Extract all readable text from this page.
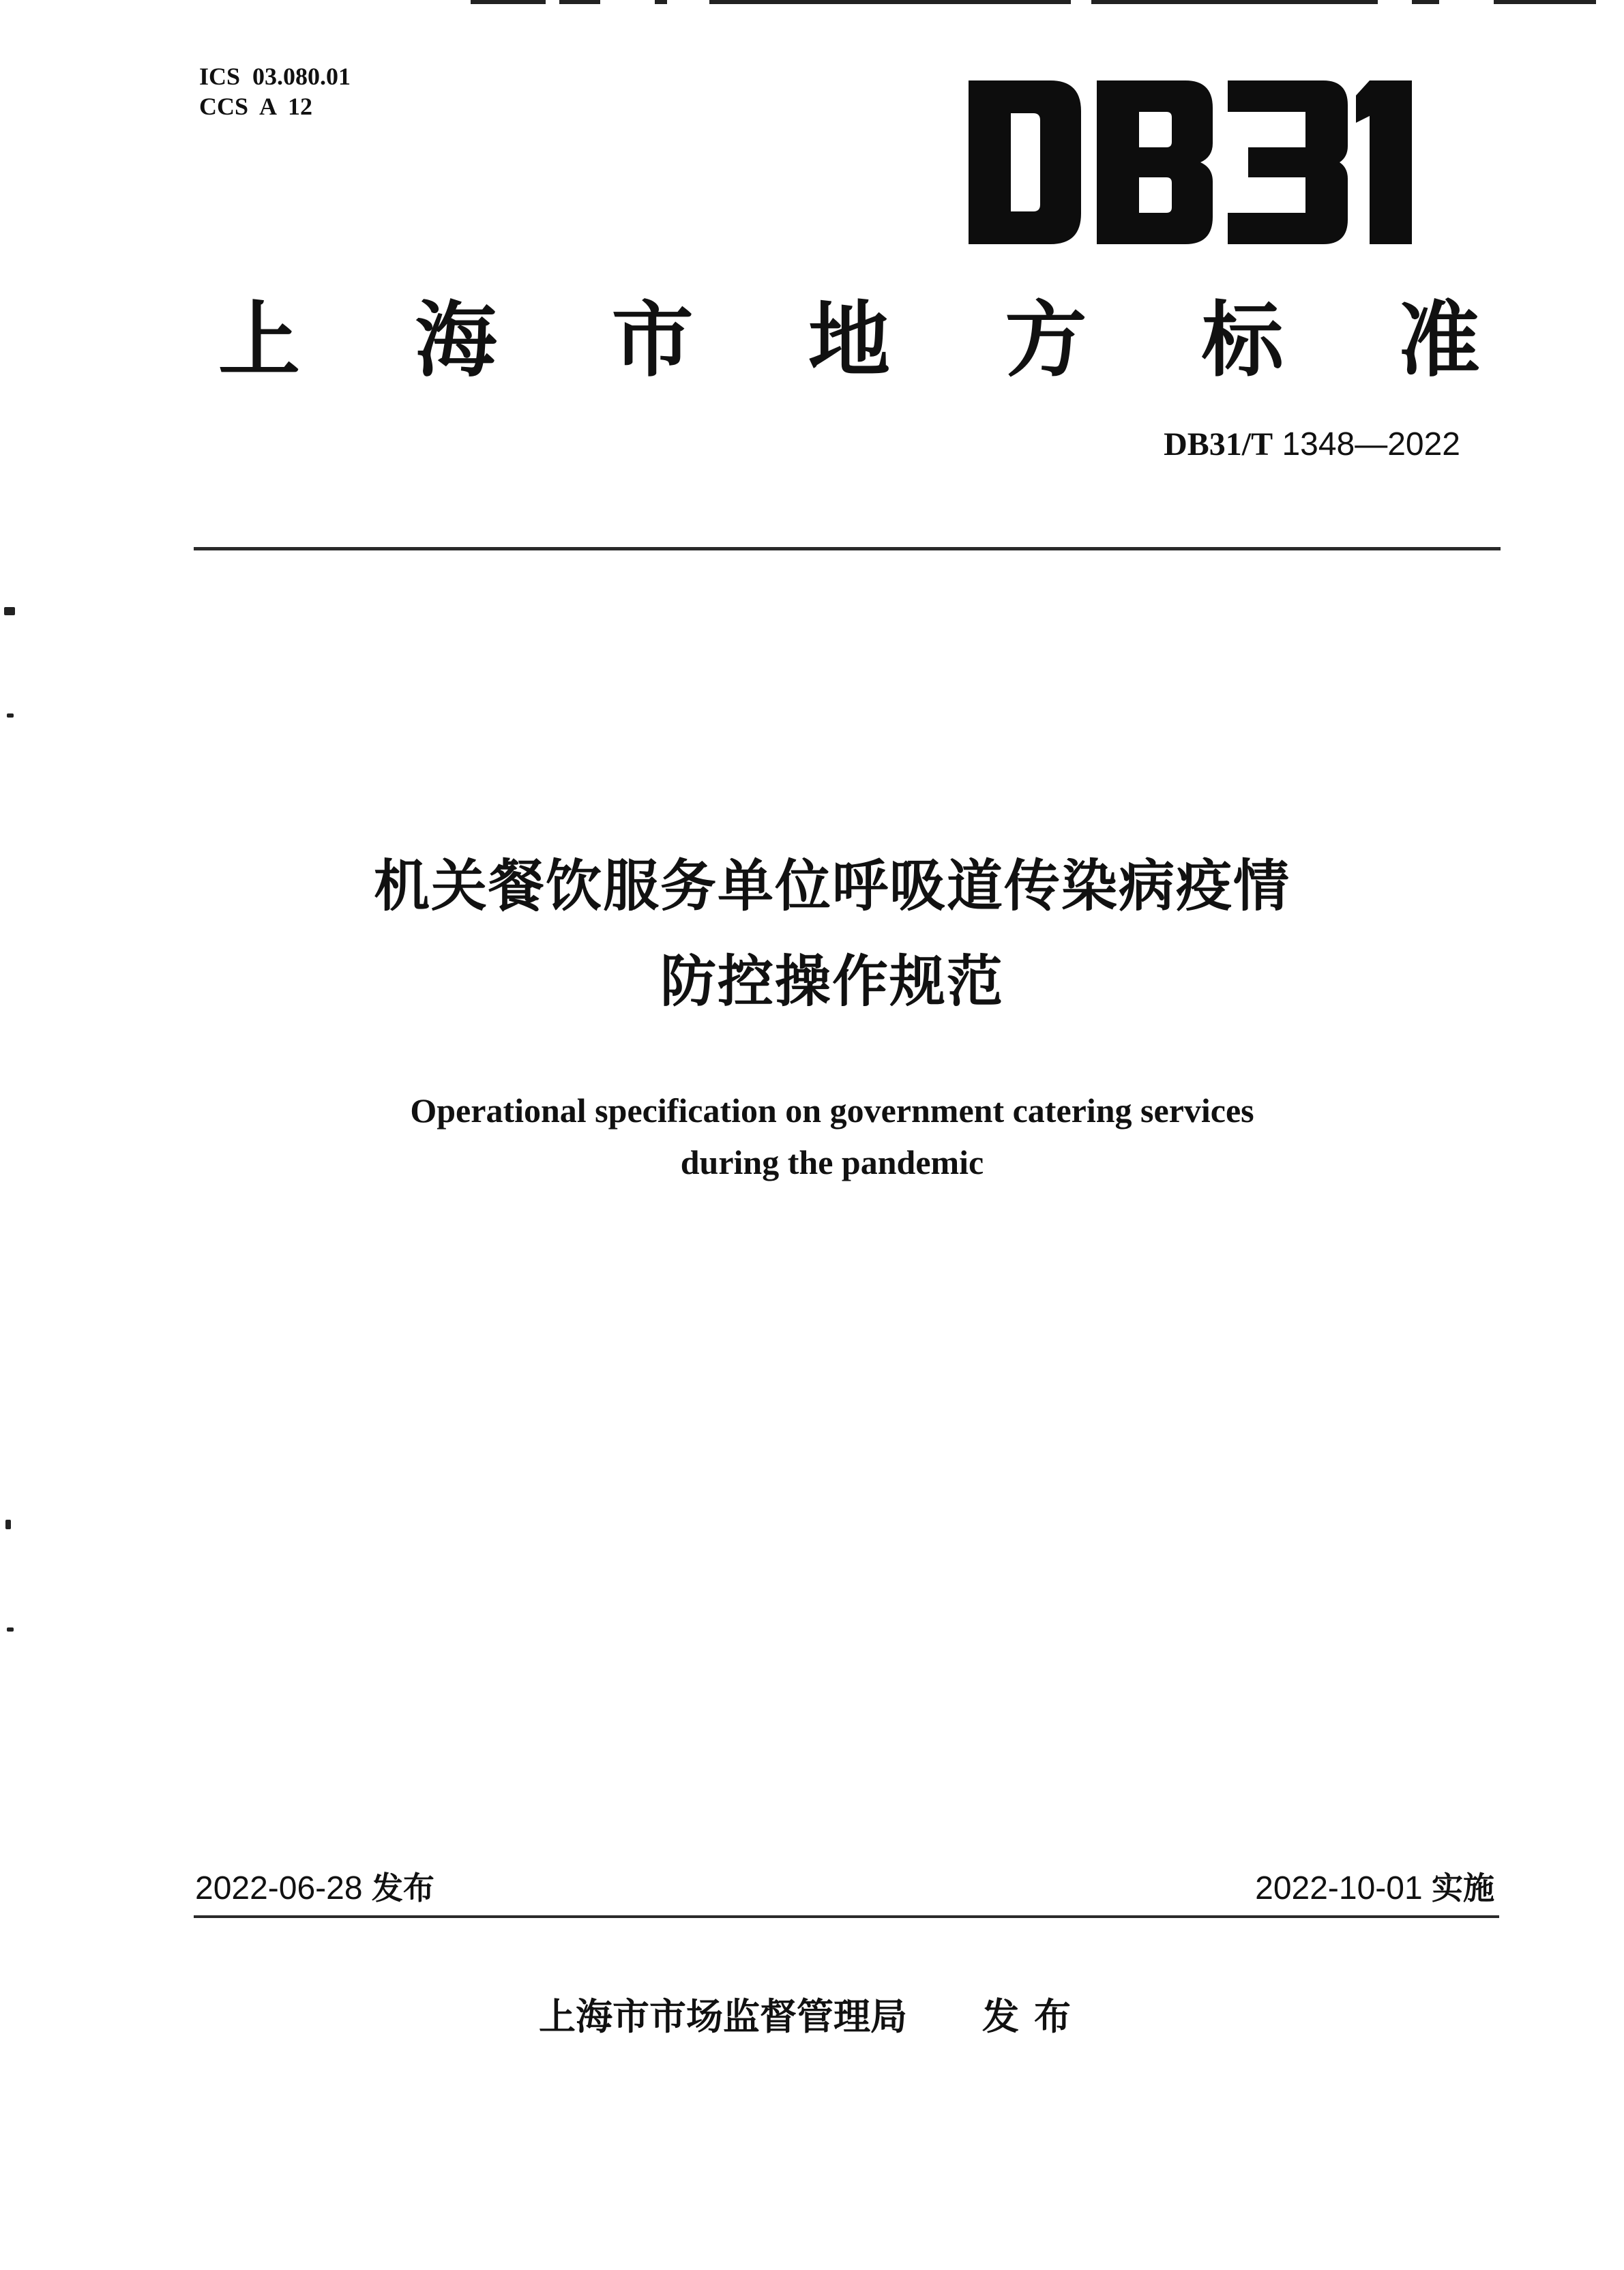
ICS  03.080.01
CCS  A  12
上 海 市 地 方 标 准
DB31/T 1348—2022
机关餐饮服务单位呼吸道传染病疫情
防控操作规范
Operational specification on government catering services
during the pandemic
2022-06-28 发布	2022-10-01 实施
上海市市场监督管理局 发布
